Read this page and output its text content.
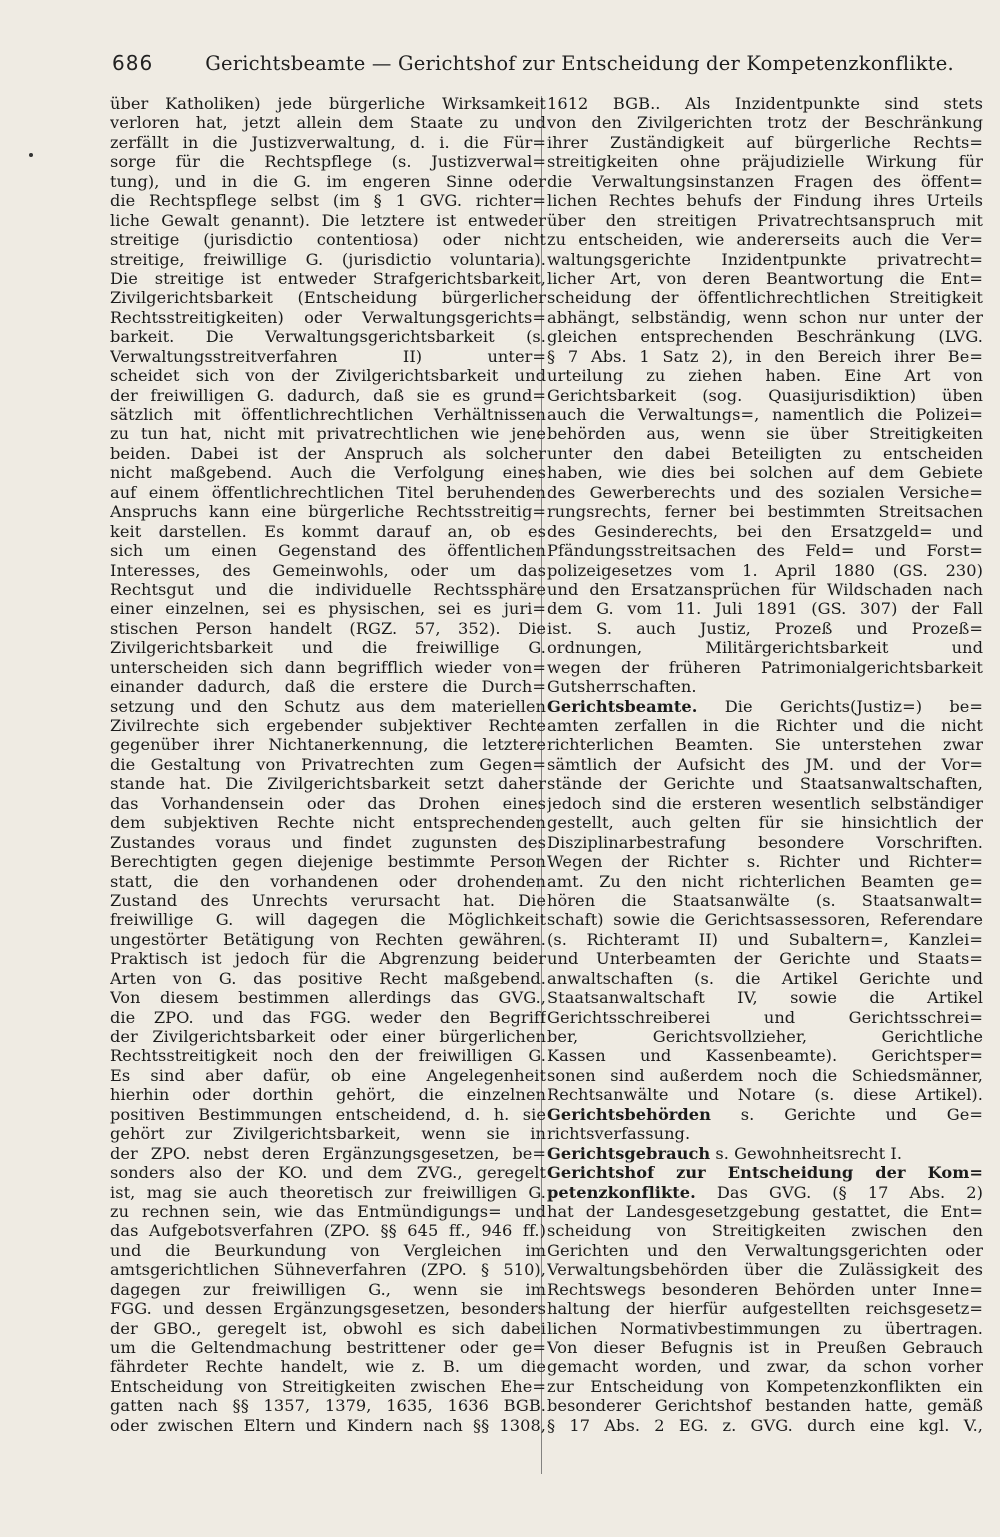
686	Gerichtsbeamte — Gerichtshof zur Entscheidung der Kompetenzkonflikte.
über Katholiken) jede bürgerliche Wirksamkeit
verloren hat, jetzt allein dem Staate zu und
zerfällt in die Justizverwaltung, d. i. die Für=
sorge für die Rechtspflege (s. Justizverwal=
tung), und in die G. im engeren Sinne oder
die Rechtspflege selbst (im § 1 GVG. richter=
liche Gewalt genannt). Die letztere ist entweder
streitige (jurisdictio contentiosa) oder nicht
streitige, freiwillige G. (jurisdictio voluntaria).
Die streitige ist entweder Strafgerichtsbarkeit,
Zivilgerichtsbarkeit (Entscheidung bürgerlicher
Rechtsstreitigkeiten) oder Verwaltungsgerichts=
barkeit. Die Verwaltungsgerichtsbarkeit (s.
Verwaltungsstreitverfahren II) unter=
scheidet sich von der Zivilgerichtsbarkeit und
der freiwilligen G. dadurch, daß sie es grund=
sätzlich mit öffentlichrechtlichen Verhältnissen
zu tun hat, nicht mit privatrechtlichen wie jene
beiden. Dabei ist der Anspruch als solcher
nicht maßgebend. Auch die Verfolgung eines
auf einem öffentlichrechtlichen Titel beruhenden
Anspruchs kann eine bürgerliche Rechtsstreitig=
keit darstellen. Es kommt darauf an, ob es
sich um einen Gegenstand des öffentlichen
Interesses, des Gemeinwohls, oder um das
Rechtsgut und die individuelle Rechtssphäre
einer einzelnen, sei es physischen, sei es juri=
stischen Person handelt (RGZ. 57, 352). Die
Zivilgerichtsbarkeit und die freiwillige G.
unterscheiden sich dann begrifflich wieder von=
einander dadurch, daß die erstere die Durch=
setzung und den Schutz aus dem materiellen
Zivilrechte sich ergebender subjektiver Rechte
gegenüber ihrer Nichtanerkennung, die letztere
die Gestaltung von Privatrechten zum Gegen=
stande hat. Die Zivilgerichtsbarkeit setzt daher
das Vorhandensein oder das Drohen eines
dem subjektiven Rechte nicht entsprechenden
Zustandes voraus und findet zugunsten des
Berechtigten gegen diejenige bestimmte Person
statt, die den vorhandenen oder drohenden
Zustand des Unrechts verursacht hat. Die
freiwillige G. will dagegen die Möglichkeit
ungestörter Betätigung von Rechten gewähren.
Praktisch ist jedoch für die Abgrenzung beider
Arten von G. das positive Recht maßgebend.
Von diesem bestimmen allerdings das GVG.,
die ZPO. und das FGG. weder den Begriff
der Zivilgerichtsbarkeit oder einer bürgerlichen
Rechtsstreitigkeit noch den der freiwilligen G.
Es sind aber dafür, ob eine Angelegenheit
hierhin oder dorthin gehört, die einzelnen
positiven Bestimmungen entscheidend, d. h. sie
gehört zur Zivilgerichtsbarkeit, wenn sie in
der ZPO. nebst deren Ergänzungsgesetzen, be=
sonders also der KO. und dem ZVG., geregelt
ist, mag sie auch theoretisch zur freiwilligen G.
zu rechnen sein, wie das Entmündigungs= und
das Aufgebotsverfahren (ZPO. §§ 645 ff., 946 ff.)
und die Beurkundung von Vergleichen im
amtsgerichtlichen Sühneverfahren (ZPO. § 510),
dagegen zur freiwilligen G., wenn sie im
FGG. und dessen Ergänzungsgesetzen, besonders
der GBO., geregelt ist, obwohl es sich dabei
um die Geltendmachung bestrittener oder ge=
fährdeter Rechte handelt, wie z. B. um die
Entscheidung von Streitigkeiten zwischen Ehe=
gatten nach §§ 1357, 1379, 1635, 1636 BGB.
oder zwischen Eltern und Kindern nach §§ 1308,
1612 BGB.. Als Inzidentpunkte sind stets
von den Zivilgerichten trotz der Beschränkung
ihrer Zuständigkeit auf bürgerliche Rechts=
streitigkeiten ohne präjudizielle Wirkung für
die Verwaltungsinstanzen Fragen des öffent=
lichen Rechtes behufs der Findung ihres Urteils
über den streitigen Privatrechtsanspruch mit
zu entscheiden, wie andererseits auch die Ver=
waltungsgerichte Inzidentpunkte privatrecht=
licher Art, von deren Beantwortung die Ent=
scheidung der öffentlichrechtlichen Streitigkeit
abhängt, selbständig, wenn schon nur unter der
gleichen entsprechenden Beschränkung (LVG.
§ 7 Abs. 1 Satz 2), in den Bereich ihrer Be=
urteilung zu ziehen haben. Eine Art von
Gerichtsbarkeit (sog. Quasijurisdiktion) üben
auch die Verwaltungs=, namentlich die Polizei=
behörden aus, wenn sie über Streitigkeiten
unter den dabei Beteiligten zu entscheiden
haben, wie dies bei solchen auf dem Gebiete
des Gewerberechts und des sozialen Versiche=
rungsrechts, ferner bei bestimmten Streitsachen
des Gesinderechts, bei den Ersatzgeld= und
Pfändungsstreitsachen des Feld= und Forst=
polizeigesetzes vom 1. April 1880 (GS. 230)
und den Ersatzansprüchen für Wildschaden nach
dem G. vom 11. Juli 1891 (GS. 307) der Fall
ist. S. auch Justiz, Prozeß und Prozeß=
ordnungen, Militärgerichtsbarkeit und
wegen der früheren Patrimonialgerichtsbarkeit
Gutsherrschaften.
Gerichtsbeamte. Die Gerichts(Justiz=) be=
amten zerfallen in die Richter und die nicht
richterlichen Beamten. Sie unterstehen zwar
sämtlich der Aufsicht des JM. und der Vor=
stände der Gerichte und Staatsanwaltschaften,
jedoch sind die ersteren wesentlich selbständiger
gestellt, auch gelten für sie hinsichtlich der
Disziplinarbestrafung besondere Vorschriften.
Wegen der Richter s. Richter und Richter=
amt. Zu den nicht richterlichen Beamten ge=
hören die Staatsanwälte (s. Staatsanwalt=
schaft) sowie die Gerichtsassessoren, Referendare
(s. Richteramt II) und Subaltern=, Kanzlei=
und Unterbeamten der Gerichte und Staats=
anwaltschaften (s. die Artikel Gerichte und
Staatsanwaltschaft IV, sowie die Artikel
Gerichtsschreiberei und Gerichtsschrei=
ber, Gerichtsvollzieher, Gerichtliche
Kassen und Kassenbeamte). Gerichtsper=
sonen sind außerdem noch die Schiedsmänner,
Rechtsanwälte und Notare (s. diese Artikel).
Gerichtsbehörden s. Gerichte und Ge=
richtsverfassung.
Gerichtsgebrauch s. Gewohnheitsrecht I.
Gerichtshof zur Entscheidung der Kom=
petenzkonflikte. Das GVG. (§ 17 Abs. 2)
hat der Landesgesetzgebung gestattet, die Ent=
scheidung von Streitigkeiten zwischen den
Gerichten und den Verwaltungsgerichten oder
Verwaltungsbehörden über die Zulässigkeit des
Rechtswegs besonderen Behörden unter Inne=
haltung der hierfür aufgestellten reichsgesetz=
lichen Normativbestimmungen zu übertragen.
Von dieser Befugnis ist in Preußen Gebrauch
gemacht worden, und zwar, da schon vorher
zur Entscheidung von Kompetenzkonflikten ein
besonderer Gerichtshof bestanden hatte, gemäß
§ 17 Abs. 2 EG. z. GVG. durch eine kgl. V.,
